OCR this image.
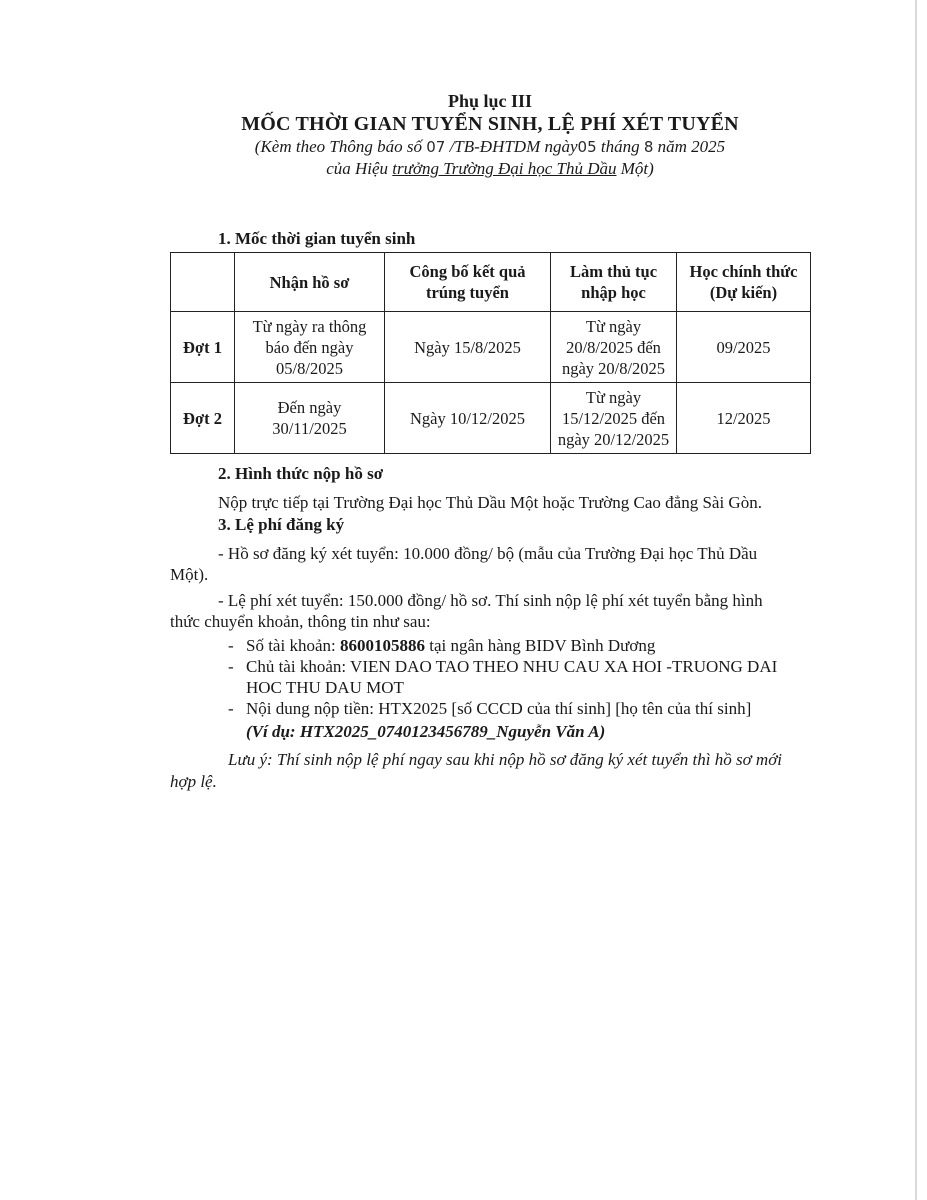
Phụ lục III
MỐC THỜI GIAN TUYỂN SINH, LỆ PHÍ XÉT TUYỂN
(Kèm theo Thông báo số 07 /TB-ĐHTDM ngày05 tháng 8 năm 2025
của Hiệu trưởng Trường Đại học Thủ Dầu Một)
1. Mốc thời gian tuyển sinh
	Nhận hồ sơ	Công bố kết quả trúng tuyển	Làm thủ tục nhập học	Học chính thức (Dự kiến)
Đợt 1	Từ ngày ra thông báo đến ngày 05/8/2025	Ngày 15/8/2025	Từ ngày 20/8/2025 đến ngày 20/8/2025	09/2025
Đợt 2	Đến ngày 30/11/2025	Ngày 10/12/2025	Từ ngày 15/12/2025 đến ngày 20/12/2025	12/2025
2. Hình thức nộp hồ sơ
Nộp trực tiếp tại Trường Đại học Thủ Dầu Một hoặc Trường Cao đẳng Sài Gòn.
3. Lệ phí đăng ký
- Hồ sơ đăng ký xét tuyển: 10.000 đồng/ bộ (mẫu của Trường Đại học Thủ Dầu
Một).
- Lệ phí xét tuyển: 150.000 đồng/ hồ sơ. Thí sinh nộp lệ phí xét tuyển bằng hình
thức chuyển khoản, thông tin như sau:
- Số tài khoản: 8600105886 tại ngân hàng BIDV Bình Dương
- Chủ tài khoản: VIEN DAO TAO THEO NHU CAU XA HOI -TRUONG DAI
HOC THU DAU MOT
- Nội dung nộp tiền: HTX2025 [số CCCD của thí sinh] [họ tên của thí sinh]
(Ví dụ: HTX2025_0740123456789_Nguyễn Văn A)
Lưu ý: Thí sinh nộp lệ phí ngay sau khi nộp hồ sơ đăng ký xét tuyển thì hồ sơ mới
hợp lệ.
